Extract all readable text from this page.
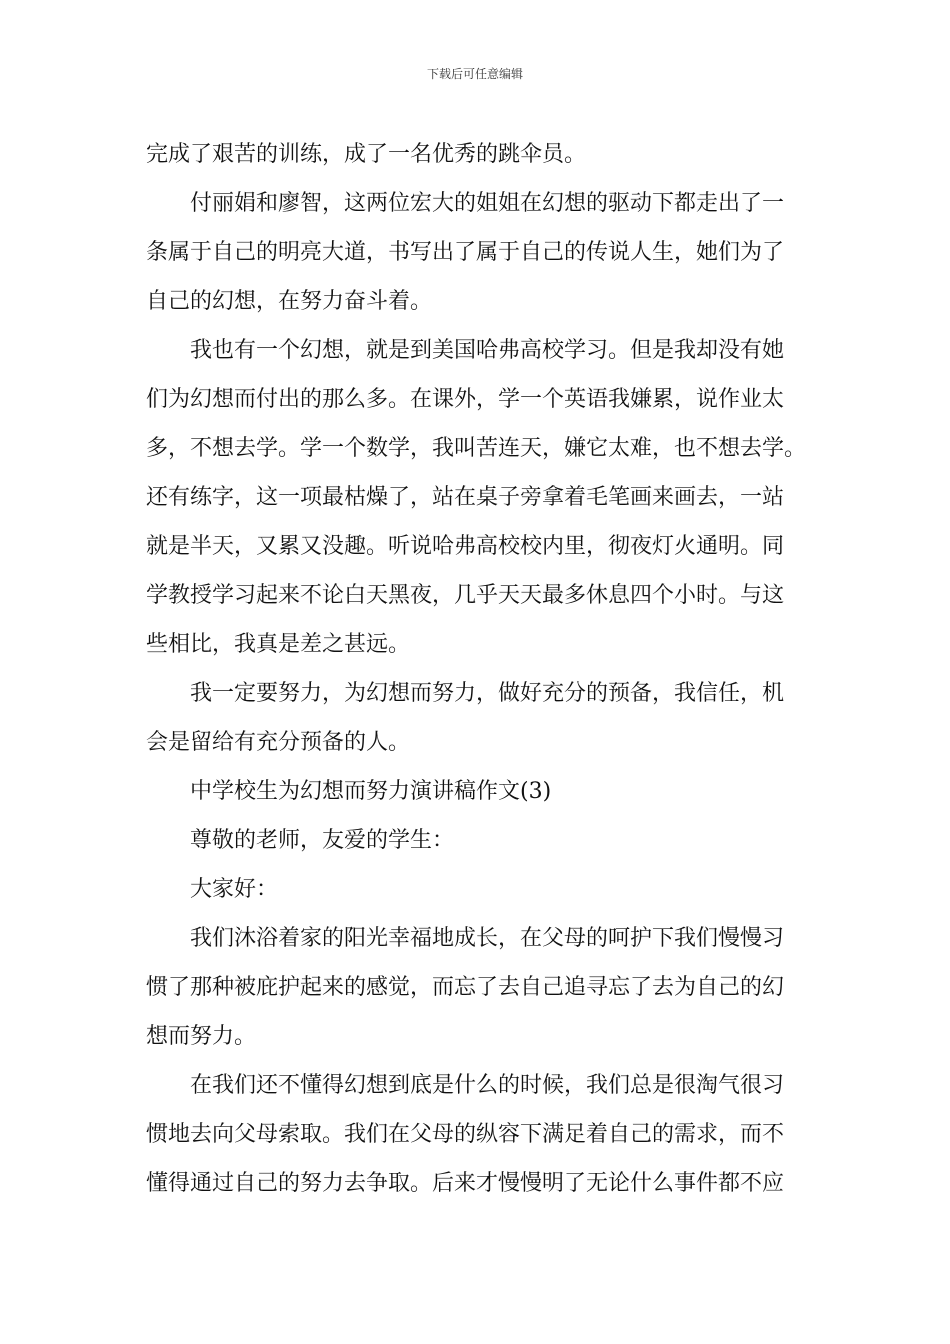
下载后可任意编辑
完成了艰苦的训练，成了一名优秀的跳伞员。
付丽娟和廖智，这两位宏大的姐姐在幻想的驱动下都走出了一
条属于自己的明亮大道，书写出了属于自己的传说人生，她们为了
自己的幻想，在努力奋斗着。
我也有一个幻想，就是到美国哈弗高校学习。但是我却没有她
们为幻想而付出的那么多。在课外，学一个英语我嫌累，说作业太
多，不想去学。学一个数学，我叫苦连天，嫌它太难，也不想去学。
还有练字，这一项最枯燥了，站在桌子旁拿着毛笔画来画去，一站
就是半天，又累又没趣。听说哈弗高校校内里，彻夜灯火通明。同
学教授学习起来不论白天黑夜，几乎天天最多休息四个小时。与这
些相比，我真是差之甚远。
我一定要努力，为幻想而努力，做好充分的预备，我信任，机
会是留给有充分预备的人。
中学校生为幻想而努力演讲稿作文(3)
尊敬的老师，友爱的学生：
大家好：
我们沐浴着家的阳光幸福地成长，在父母的呵护下我们慢慢习
惯了那种被庇护起来的感觉，而忘了去自己追寻忘了去为自己的幻
想而努力。
在我们还不懂得幻想到底是什么的时候，我们总是很淘气很习
惯地去向父母索取。我们在父母的纵容下满足着自己的需求，而不
懂得通过自己的努力去争取。后来才慢慢明了无论什么事件都不应
